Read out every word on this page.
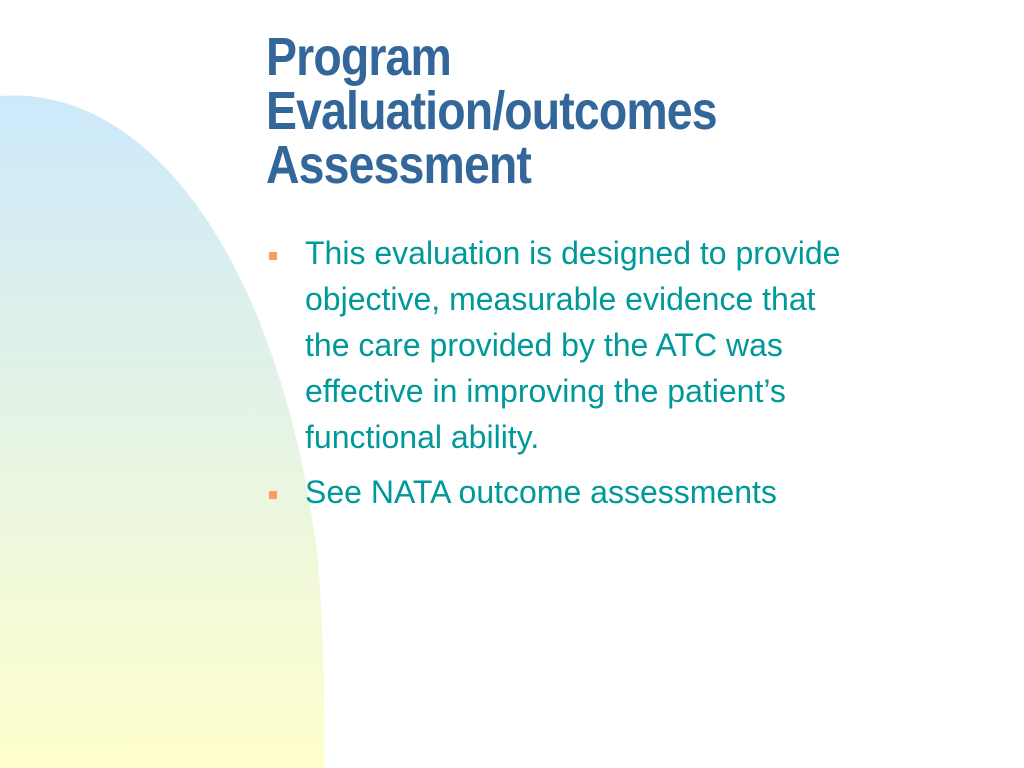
Program
Evaluation/outcomes
Assessment
This evaluation is designed to provide
objective, measurable evidence that
the care provided by the ATC was
effective in improving the patient’s
functional ability.
See NATA outcome assessments
